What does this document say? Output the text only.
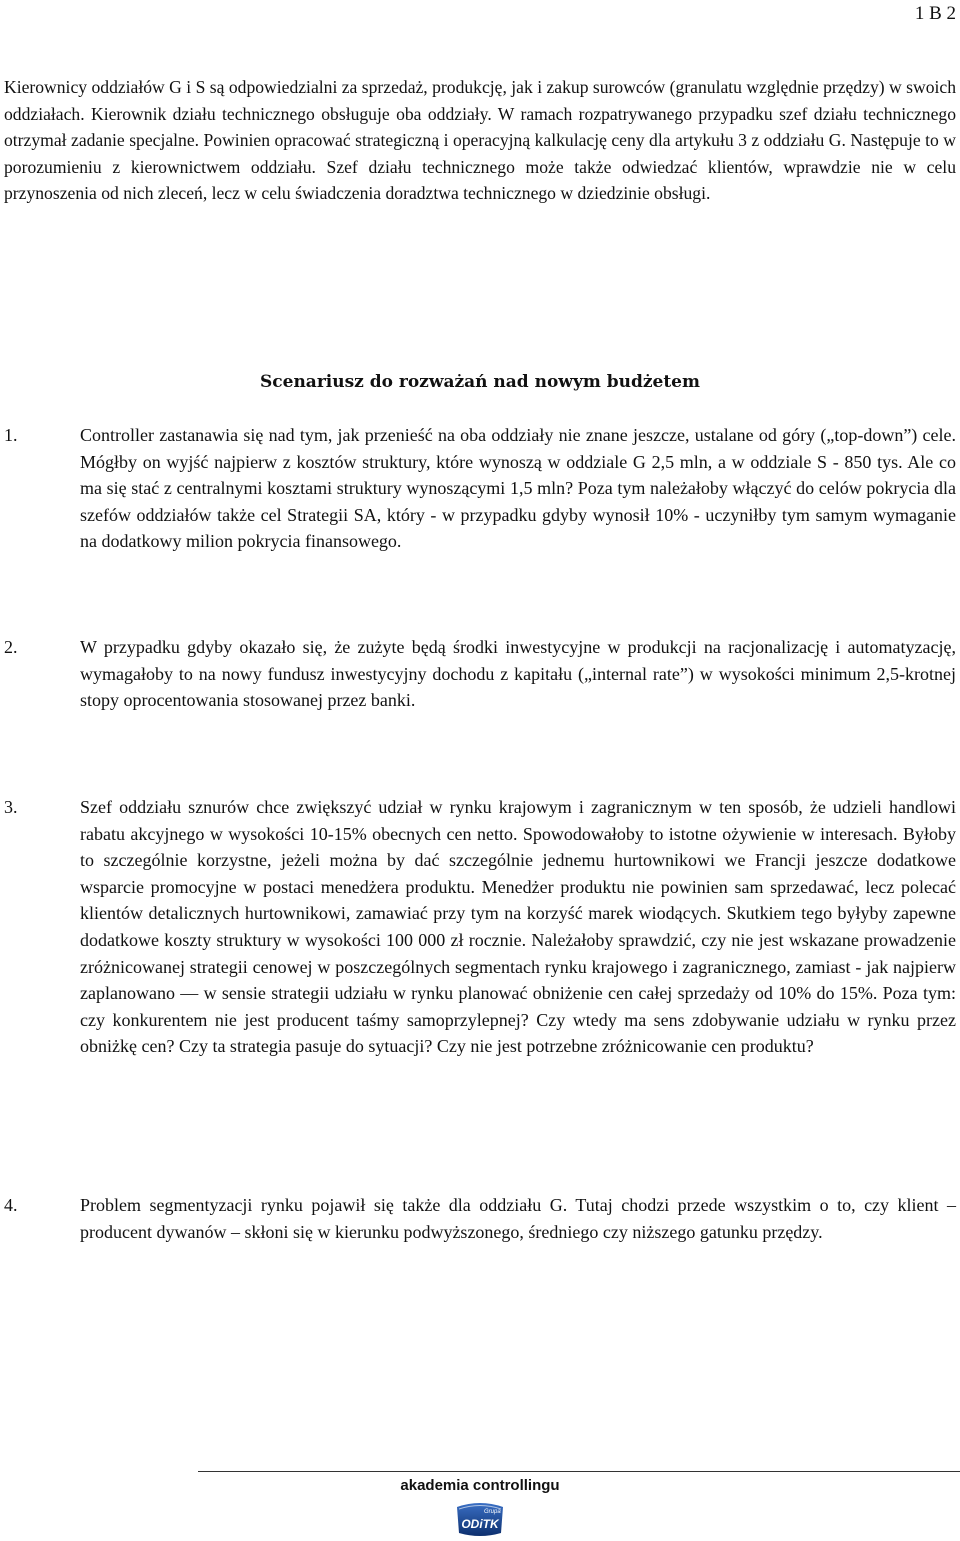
1 B 2

Kierownicy oddziałów G i S są odpowiedzialni za sprzedaż, produkcję, jak i zakup surowców (granulatu względnie przędzy) w swoich oddziałach. Kierownik działu technicznego obsługuje oba oddziały. W ramach rozpatrywanego przypadku szef działu technicznego otrzymał zadanie specjalne. Powinien opracować strategiczną i operacyjną kalkulację ceny dla artykułu 3 z oddziału G. Następuje to w porozumieniu z kierownictwem oddziału. Szef działu technicznego może także odwiedzać klientów, wprawdzie nie w celu przynoszenia od nich zleceń, lecz w celu świadczenia doradztwa technicznego w dziedzinie obsługi.

Scenariusz do rozważań nad nowym budżetem
1.	Controller zastanawia się nad tym, jak przenieść na oba oddziały nie znane jeszcze, ustalane od góry („top-down”) cele. Mógłby on wyjść najpierw z kosztów struktury, które wynoszą w oddziale G 2,5 mln, a w oddziale S - 850 tys. Ale co ma się stać z centralnymi kosztami struktury wynoszącymi 1,5 mln? Poza tym należałoby włączyć do celów pokrycia dla szefów oddziałów także cel Strategii SA, który - w przypadku gdyby wynosił 10% - uczyniłby tym samym wymaganie na dodatkowy milion pokrycia finansowego.

2.	W przypadku gdyby okazało się, że zużyte będą środki inwestycyjne w produkcji na racjonalizację i automatyzację, wymagałoby to na nowy fundusz inwestycyjny dochodu z kapitału („internal rate”) w wysokości minimum 2,5-krotnej stopy oprocentowania stosowanej przez banki.

3.	Szef oddziału sznurów chce zwiększyć udział w rynku krajowym i zagranicznym w ten sposób, że udzieli handlowi rabatu akcyjnego w wysokości 10-15% obecnych cen netto. Spowodowałoby to istotne ożywienie w interesach. Byłoby to szczególnie korzystne, jeżeli można by dać szczególnie jednemu hurtownikowi we Francji jeszcze dodatkowe wsparcie promocyjne w postaci menedżera produktu. Menedżer produktu nie powinien sam sprzedawać, lecz polecać klientów detalicznych hurtownikowi, zamawiać przy tym na korzyść marek wiodących. Skutkiem tego byłyby zapewne dodatkowe koszty struktury w wysokości 100 000 zł rocznie. Należałoby sprawdzić, czy nie jest wskazane prowadzenie zróżnicowanej strategii cenowej w poszczególnych segmentach rynku krajowego i zagranicznego, zamiast - jak najpierw zaplanowano — w sensie strategii udziału w rynku planować obniżenie cen całej sprzedaży od 10% do 15%. Poza tym: czy konkurentem nie jest producent taśmy samoprzylepnej? Czy wtedy ma sens zdobywanie udziału w rynku przez obniżkę cen? Czy ta strategia pasuje do sytuacji? Czy nie jest potrzebne zróżnicowanie cen produktu?

4.	Problem segmentyzacji rynku pojawił się także dla oddziału G. Tutaj chodzi przede wszystkim o to, czy klient – producent dywanów – skłoni się w kierunku podwyższonego, średniego czy niższego gatunku przędzy.

akademia controllingu
Grupa
ODiTK
